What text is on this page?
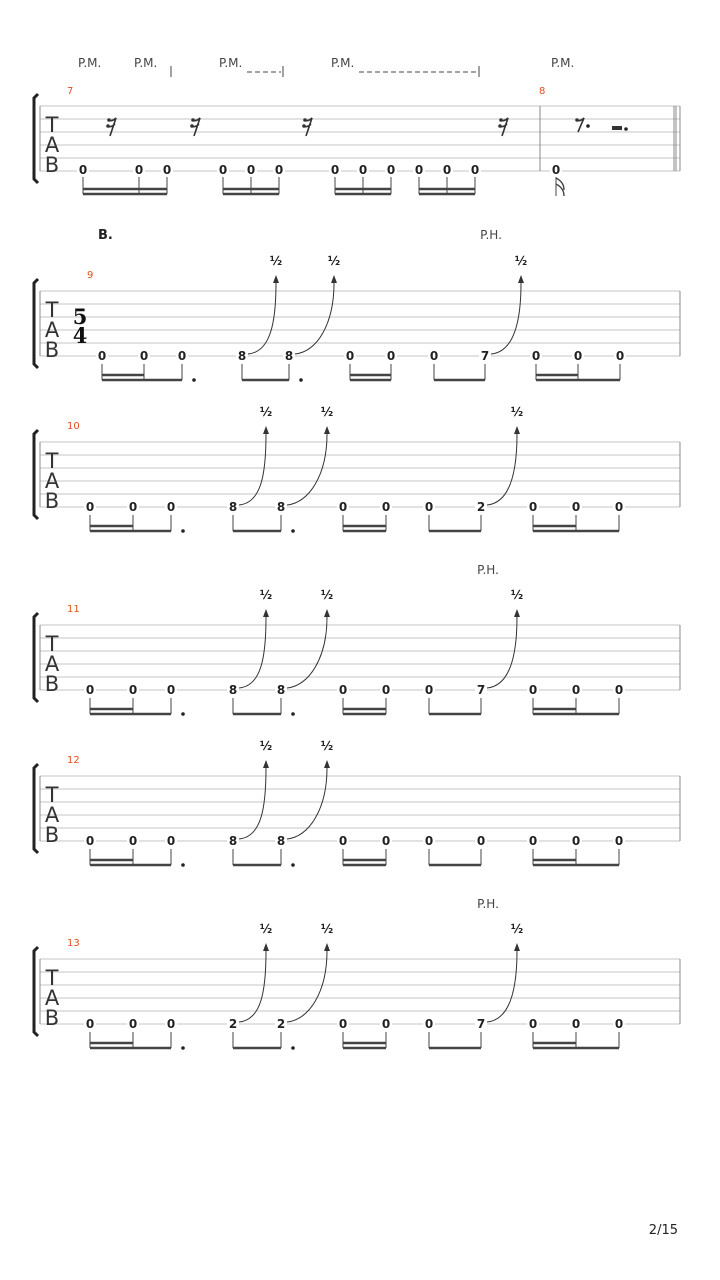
T
A
B
7	8
P.M.	P.M.	P.M.	P.M.	P.M.
0	0 0	0 0 0	0 0 0 0 0 0	0
B.
T
A
B
9
P.H.
½	½	½
0	0 0	8	8	0	0	0	7	0	0	0
5
4
T
A
B
10
½	½	½
0	0 0	8	8	0	0	0	2	0	0	0
T
A
B
11
P.H.
½	½	½
0	0 0	8	8	0	0	0	7	0	0	0
T
A
B
12
½	½
0	0 0	8	8	0	0	0	0	0	0	0
T
A
B
13
P.H.
½	½	½
0	0 0	2	2	0	0	0	7	0	0	0
2/15
